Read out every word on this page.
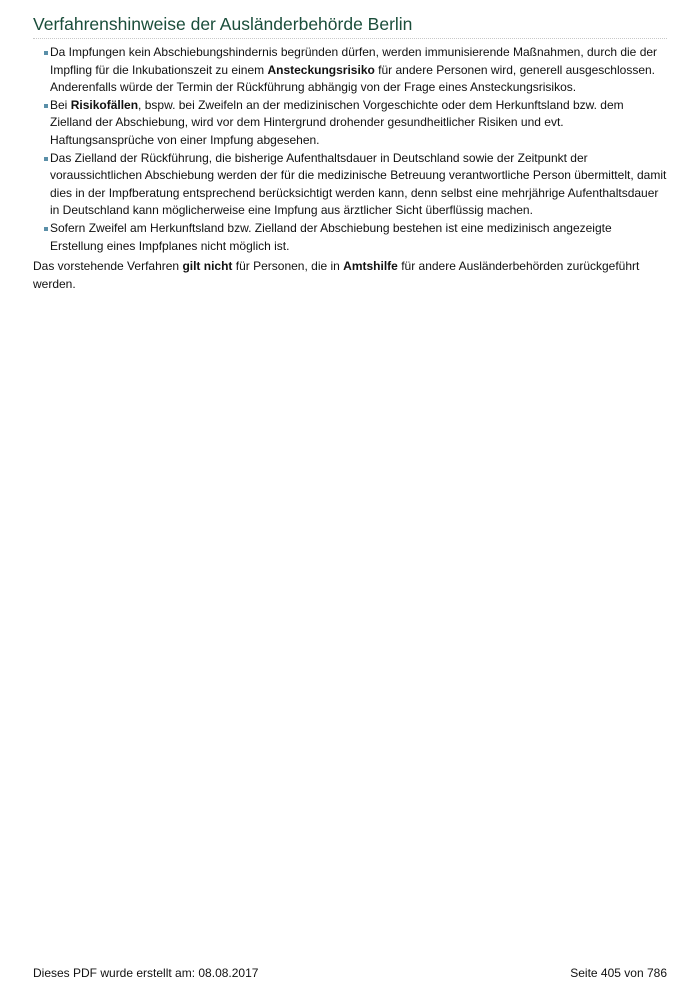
Verfahrenshinweise der Ausländerbehörde Berlin
Da Impfungen kein Abschiebungshindernis begründen dürfen, werden immunisierende Maßnahmen, durch die der Impfling für die Inkubationszeit zu einem Ansteckungsrisiko für andere Personen wird, generell ausgeschlossen. Anderenfalls würde der Termin der Rückführung abhängig von der Frage eines Ansteckungsrisikos.
Bei Risikofällen, bspw. bei Zweifeln an der medizinischen Vorgeschichte oder dem Herkunftsland bzw. dem Zielland der Abschiebung, wird vor dem Hintergrund drohender gesundheitlicher Risiken und evt. Haftungsansprüche von einer Impfung abgesehen.
Das Zielland der Rückführung, die bisherige Aufenthaltsdauer in Deutschland sowie der Zeitpunkt der voraussichtlichen Abschiebung werden der für die medizinische Betreuung verantwortliche Person übermittelt, damit dies in der Impfberatung entsprechend berücksichtigt werden kann, denn selbst eine mehrjährige Aufenthaltsdauer in Deutschland kann möglicherweise eine Impfung aus ärztlicher Sicht überflüssig machen.
Sofern Zweifel am Herkunftsland bzw. Zielland der Abschiebung bestehen ist eine medizinisch angezeigte Erstellung eines Impfplanes nicht möglich ist.

Das vorstehende Verfahren gilt nicht für Personen, die in Amtshilfe für andere Ausländerbehörden zurückgeführt werden.

Dieses PDF wurde erstellt am: 08.08.2017	Seite 405 von 786
